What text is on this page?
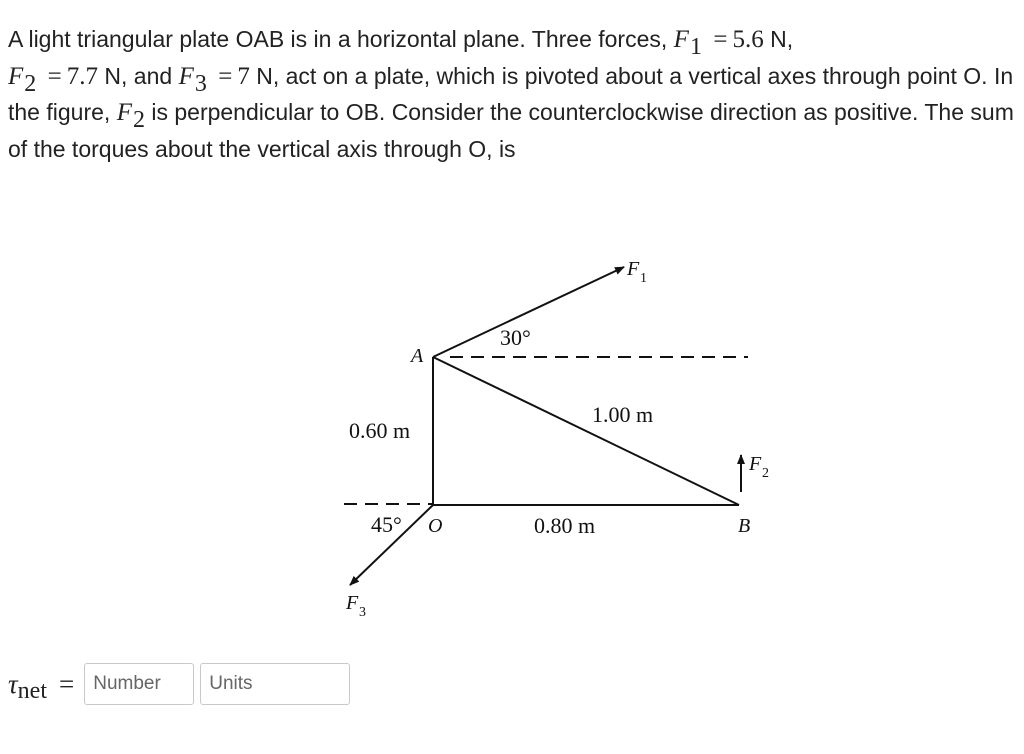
A light triangular plate OAB is in a horizontal plane. Three forces, F1 = 5.6 N,
F2 = 7.7 N, and F3 = 7 N, act on a plate, which is pivoted about a vertical axes through point O. In the figure, F2 is perpendicular to OB. Consider the counterclockwise direction as positive. The sum of the torques about the vertical axis through O, is
A
O	B
F 1
F 2
F 3
30°
45°
0.60 m
1.00 m
0.80 m
τnet =
Number
Units
